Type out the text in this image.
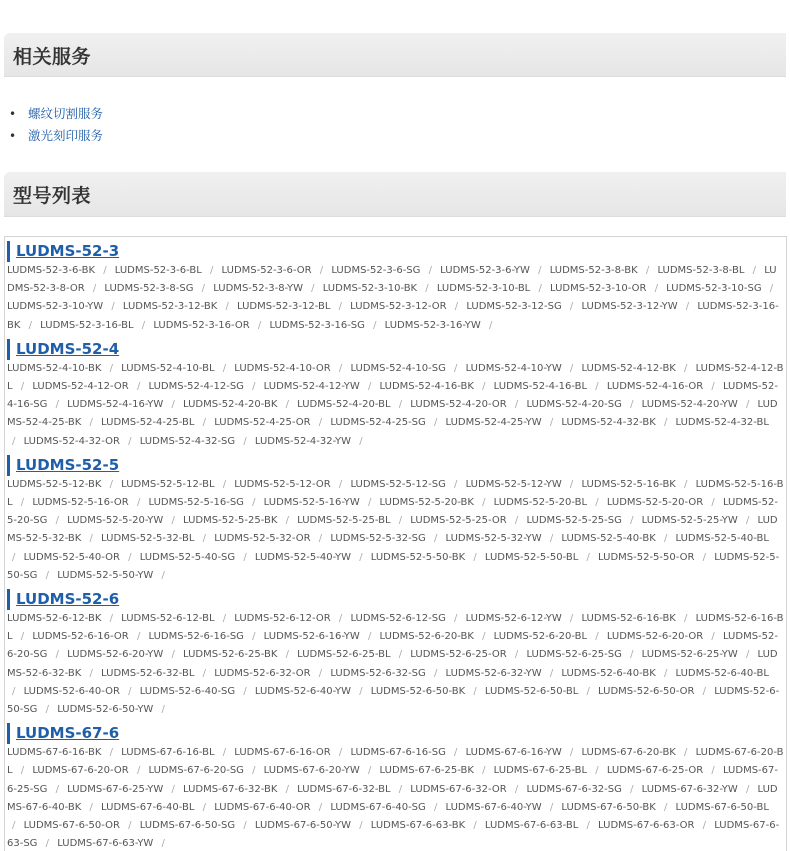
相关服务
• 螺纹切割服务
• 激光刻印服务
型号列表
LUDMS-52-3
LUDMS-52-3-6-BK / LUDMS-52-3-6-BL / LUDMS-52-3-6-OR / LUDMS-52-3-6-SG / LUDMS-52-3-6-YW / LUDMS-52-3-8-BK / LUDMS-52-3-8-BL / LUDMS-52-3-8-OR / LUDMS-52-3-8-SG / LUDMS-52-3-8-YW / LUDMS-52-3-10-BK / LUDMS-52-3-10-BL / LUDMS-52-3-10-OR / LUDMS-52-3-10-SG / LUDMS-52-3-10-YW / LUDMS-52-3-12-BK / LUDMS-52-3-12-BL / LUDMS-52-3-12-OR / LUDMS-52-3-12-SG / LUDMS-52-3-12-YW / LUDMS-52-3-16-BK / LUDMS-52-3-16-BL / LUDMS-52-3-16-OR / LUDMS-52-3-16-SG / LUDMS-52-3-16-YW /
LUDMS-52-4
LUDMS-52-4-10-BK / LUDMS-52-4-10-BL / LUDMS-52-4-10-OR / LUDMS-52-4-10-SG / LUDMS-52-4-10-YW / LUDMS-52-4-12-BK / LUDMS-52-4-12-BL / LUDMS-52-4-12-OR / LUDMS-52-4-12-SG / LUDMS-52-4-12-YW / LUDMS-52-4-16-BK / LUDMS-52-4-16-BL / LUDMS-52-4-16-OR / LUDMS-52-4-16-SG / LUDMS-52-4-16-YW / LUDMS-52-4-20-BK / LUDMS-52-4-20-BL / LUDMS-52-4-20-OR / LUDMS-52-4-20-SG / LUDMS-52-4-20-YW / LUDMS-52-4-25-BK / LUDMS-52-4-25-BL / LUDMS-52-4-25-OR / LUDMS-52-4-25-SG / LUDMS-52-4-25-YW / LUDMS-52-4-32-BK / LUDMS-52-4-32-BL / LUDMS-52-4-32-OR / LUDMS-52-4-32-SG / LUDMS-52-4-32-YW /
LUDMS-52-5
LUDMS-52-5-12-BK / LUDMS-52-5-12-BL / LUDMS-52-5-12-OR / LUDMS-52-5-12-SG / LUDMS-52-5-12-YW / LUDMS-52-5-16-BK / LUDMS-52-5-16-BL / LUDMS-52-5-16-OR / LUDMS-52-5-16-SG / LUDMS-52-5-16-YW / LUDMS-52-5-20-BK / LUDMS-52-5-20-BL / LUDMS-52-5-20-OR / LUDMS-52-5-20-SG / LUDMS-52-5-20-YW / LUDMS-52-5-25-BK / LUDMS-52-5-25-BL / LUDMS-52-5-25-OR / LUDMS-52-5-25-SG / LUDMS-52-5-25-YW / LUDMS-52-5-32-BK / LUDMS-52-5-32-BL / LUDMS-52-5-32-OR / LUDMS-52-5-32-SG / LUDMS-52-5-32-YW / LUDMS-52-5-40-BK / LUDMS-52-5-40-BL / LUDMS-52-5-40-OR / LUDMS-52-5-40-SG / LUDMS-52-5-40-YW / LUDMS-52-5-50-BK / LUDMS-52-5-50-BL / LUDMS-52-5-50-OR / LUDMS-52-5-50-SG / LUDMS-52-5-50-YW /
LUDMS-52-6
LUDMS-52-6-12-BK / LUDMS-52-6-12-BL / LUDMS-52-6-12-OR / LUDMS-52-6-12-SG / LUDMS-52-6-12-YW / LUDMS-52-6-16-BK / LUDMS-52-6-16-BL / LUDMS-52-6-16-OR / LUDMS-52-6-16-SG / LUDMS-52-6-16-YW / LUDMS-52-6-20-BK / LUDMS-52-6-20-BL / LUDMS-52-6-20-OR / LUDMS-52-6-20-SG / LUDMS-52-6-20-YW / LUDMS-52-6-25-BK / LUDMS-52-6-25-BL / LUDMS-52-6-25-OR / LUDMS-52-6-25-SG / LUDMS-52-6-25-YW / LUDMS-52-6-32-BK / LUDMS-52-6-32-BL / LUDMS-52-6-32-OR / LUDMS-52-6-32-SG / LUDMS-52-6-32-YW / LUDMS-52-6-40-BK / LUDMS-52-6-40-BL / LUDMS-52-6-40-OR / LUDMS-52-6-40-SG / LUDMS-52-6-40-YW / LUDMS-52-6-50-BK / LUDMS-52-6-50-BL / LUDMS-52-6-50-OR / LUDMS-52-6-50-SG / LUDMS-52-6-50-YW /
LUDMS-67-6
LUDMS-67-6-16-BK / LUDMS-67-6-16-BL / LUDMS-67-6-16-OR / LUDMS-67-6-16-SG / LUDMS-67-6-16-YW / LUDMS-67-6-20-BK / LUDMS-67-6-20-BL / LUDMS-67-6-20-OR / LUDMS-67-6-20-SG / LUDMS-67-6-20-YW / LUDMS-67-6-25-BK / LUDMS-67-6-25-BL / LUDMS-67-6-25-OR / LUDMS-67-6-25-SG / LUDMS-67-6-25-YW / LUDMS-67-6-32-BK / LUDMS-67-6-32-BL / LUDMS-67-6-32-OR / LUDMS-67-6-32-SG / LUDMS-67-6-32-YW / LUDMS-67-6-40-BK / LUDMS-67-6-40-BL / LUDMS-67-6-40-OR / LUDMS-67-6-40-SG / LUDMS-67-6-40-YW / LUDMS-67-6-50-BK / LUDMS-67-6-50-BL / LUDMS-67-6-50-OR / LUDMS-67-6-50-SG / LUDMS-67-6-50-YW / LUDMS-67-6-63-BK / LUDMS-67-6-63-BL / LUDMS-67-6-63-OR / LUDMS-67-6-63-SG / LUDMS-67-6-63-YW /
